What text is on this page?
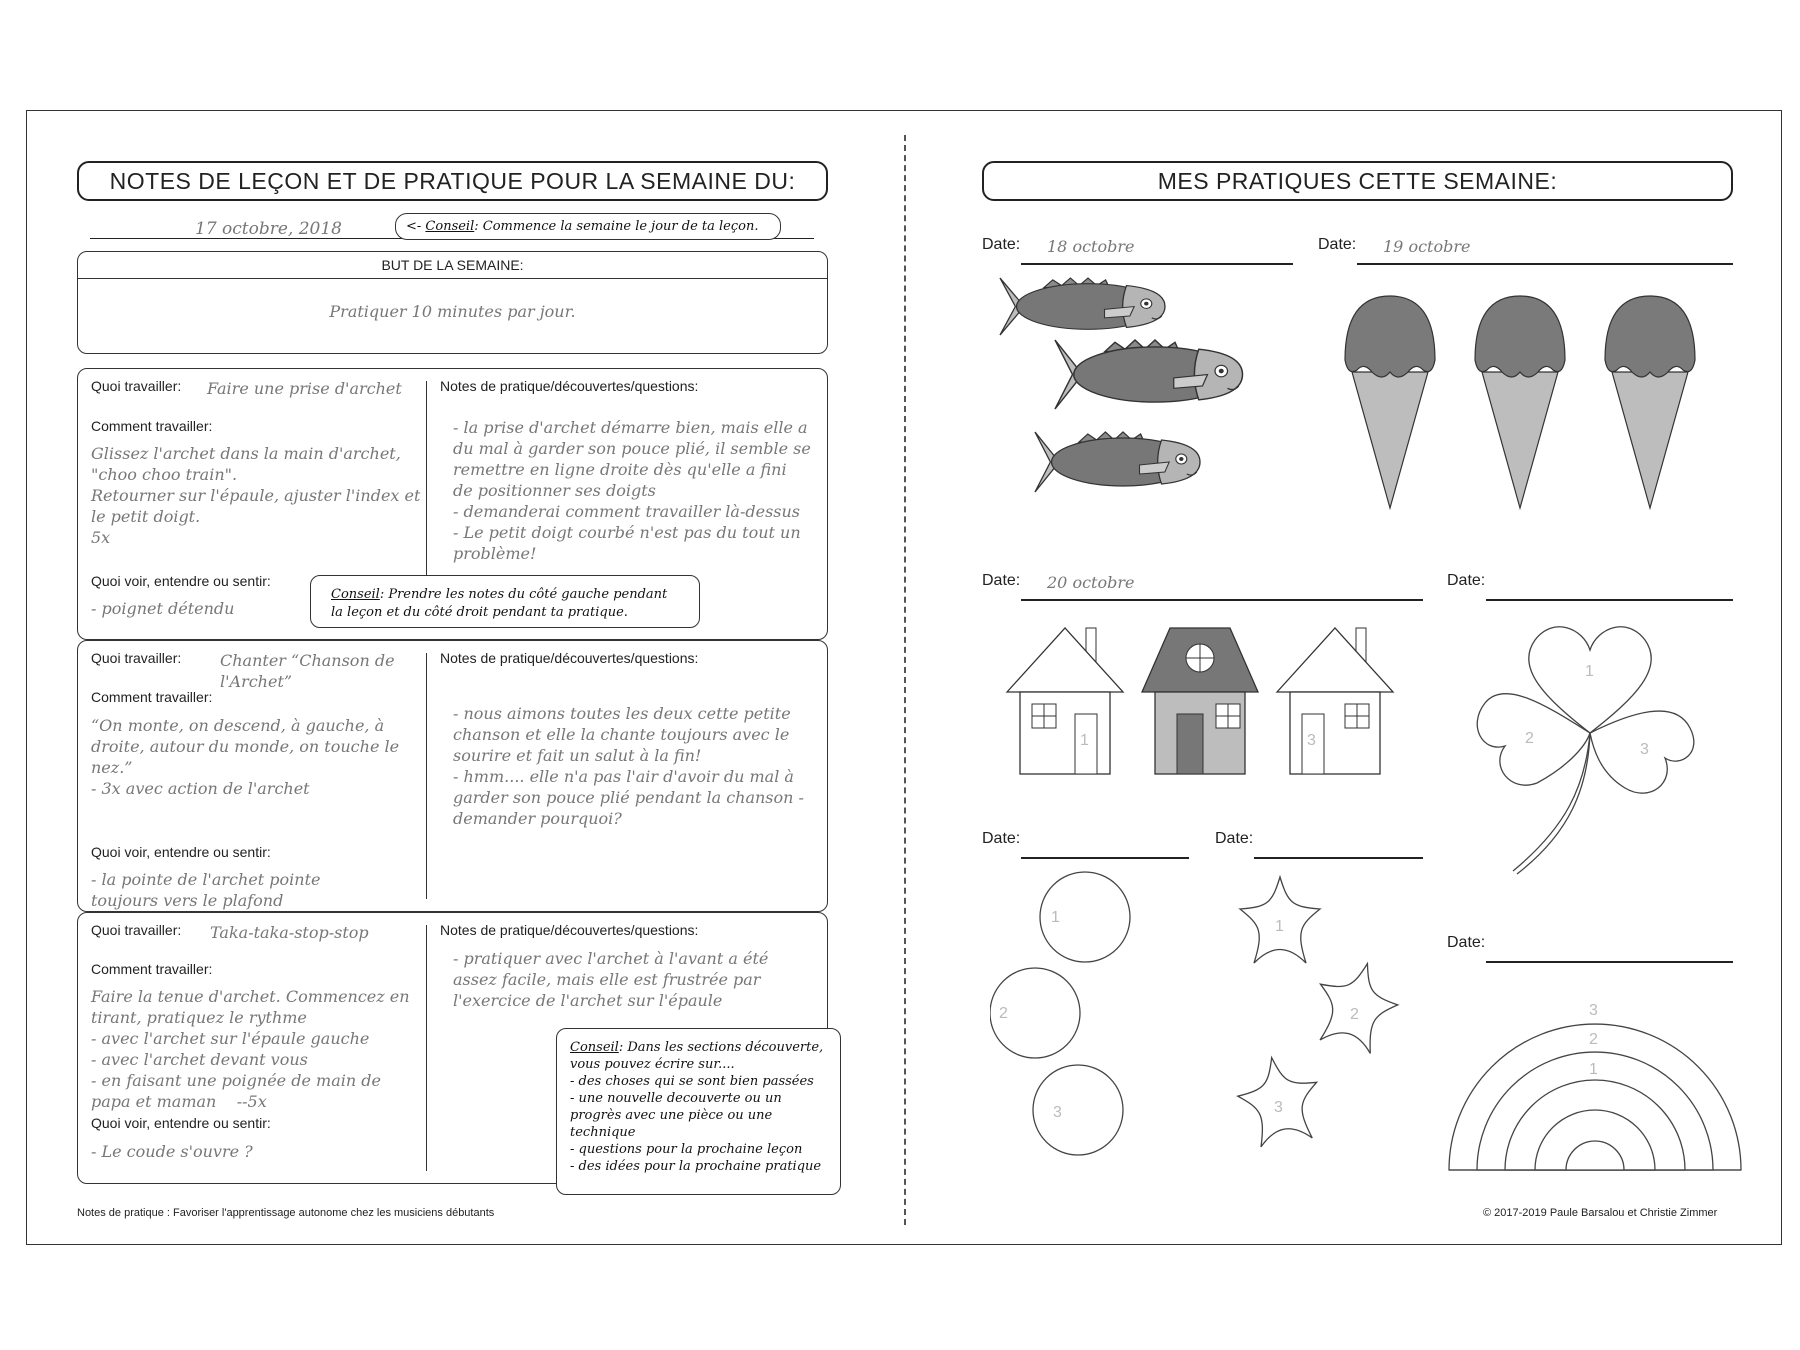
NOTES DE LEÇON ET DE PRATIQUE POUR LA SEMAINE DU:
17 octobre, 2018	<- Conseil: Commence la semaine le jour de ta leçon.
BUT DE LA SEMAINE:
Pratiquer 10 minutes par jour.
Quoi travailler: Faire une prise d'archet
Comment travailler:
Glissez l'archet dans la main d'archet, "choo choo train".
Retourner sur l'épaule, ajuster l'index et le petit doigt.
5x
Quoi voir, entendre ou sentir:
- poignet détendu
Notes de pratique/découvertes/questions:
- la prise d'archet démarre bien, mais elle a du mal à garder son pouce plié, il semble se remettre en ligne droite dès qu'elle a fini de positionner ses doigts
- demanderai comment travailler là-dessus
- Le petit doigt courbé n'est pas du tout un problème!
Conseil: Prendre les notes du côté gauche pendant la leçon et du côté droit pendant ta pratique.
Quoi travailler: Chanter “Chanson de l'Archet”
Comment travailler:
“On monte, on descend, à gauche, à droite, autour du monde, on touche le nez.”
- 3x avec action de l'archet
Quoi voir, entendre ou sentir:
- la pointe de l'archet pointe toujours vers le plafond
Notes de pratique/découvertes/questions:
- nous aimons toutes les deux cette petite chanson et elle la chante toujours avec le sourire et fait un salut à la fin!
- hmm.... elle n'a pas l'air d'avoir du mal à garder son pouce plié pendant la chanson - demander pourquoi?
Quoi travailler: Taka-taka-stop-stop
Comment travailler:
Faire la tenue d'archet. Commencez en tirant, pratiquez le rythme
- avec l'archet sur l'épaule gauche
- avec l'archet devant vous
- en faisant une poignée de main de papa et maman    --5x
Quoi voir, entendre ou sentir:
- Le coude s'ouvre ?
Notes de pratique/découvertes/questions:
- pratiquer avec l'archet à l'avant a été assez facile, mais elle est frustrée par l'exercice de l'archet sur l'épaule
Conseil: Dans les sections découverte, vous pouvez écrire sur....
- des choses qui se sont bien passées
- une nouvelle decouverte ou un progrès avec une pièce ou une technique
- questions pour la prochaine leçon
- des idées pour la prochaine pratique
Notes de pratique : Favoriser l'apprentissage autonome chez les musiciens débutants
MES PRATIQUES CETTE SEMAINE:
Date: 18 octobre	Date: 19 octobre
Date: 20 octobre	Date:
Date:	Date:
Date:
1	3
1
2
3
1
2
3
1
2
3
3
2
1
© 2017-2019 Paule Barsalou et Christie Zimmer
